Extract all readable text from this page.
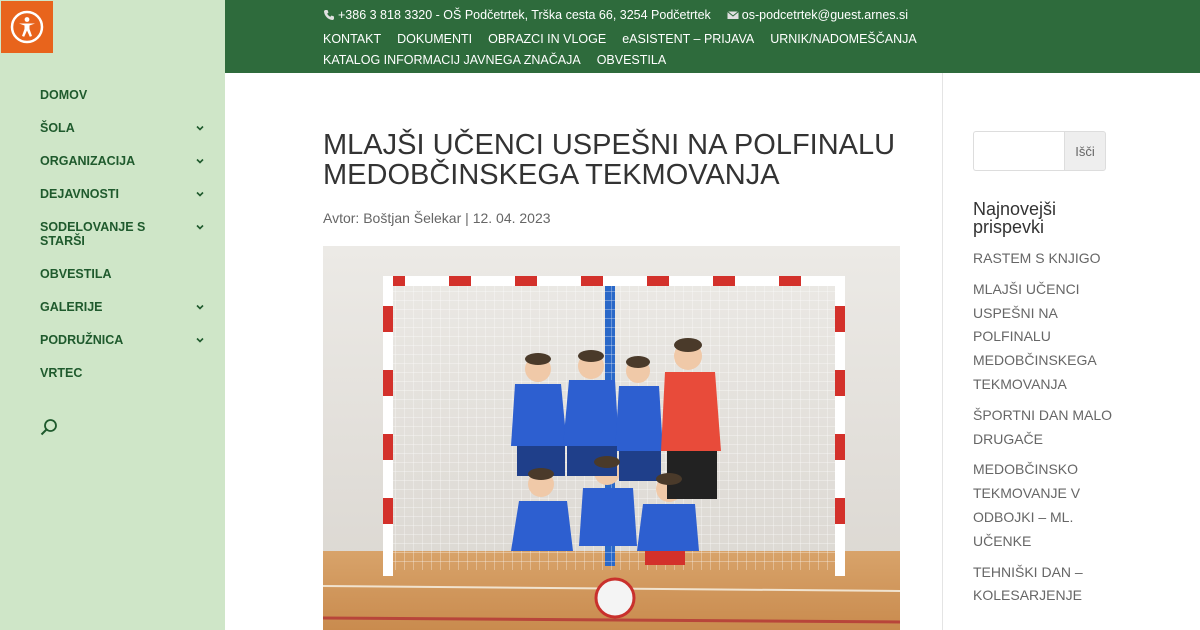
DOMOV
ŠOLA
ORGANIZACIJA
DEJAVNOSTI
SODELOVANJE S STARŠI
OBVESTILA
GALERIJE
PODRUŽNICA
VRTEC
+386 3 818 3320 - OŠ Podčetrtek, Trška cesta 66, 3254 Podčetrtek os-podcetrtek@guest.arnes.si
KONTAKT DOKUMENTI OBRAZCI IN VLOGE eASISTENT – PRIJAVA URNIK/NADOMEŠČANJAKATALOG INFORMACIJ JAVNEGA ZNAČAJA OBVESTILA
MLAJŠI UČENCI USPEŠNI NA POLFINALU MEDOBČINSKEGA TEKMOVANJA
Avtor: Boštjan Šelekar | 12. 04. 2023
Išči
Najnovejši prispevki
RASTEM S KNJIGO
MLAJŠI UČENCI USPEŠNI NA POLFINALU MEDOBČINSKEGA TEKMOVANJA
ŠPORTNI DAN MALO DRUGAČE
MEDOBČINSKO TEKMOVANJE V ODBOJKI – ML. UČENKE
TEHNIŠKI DAN – KOLESARJENJE
